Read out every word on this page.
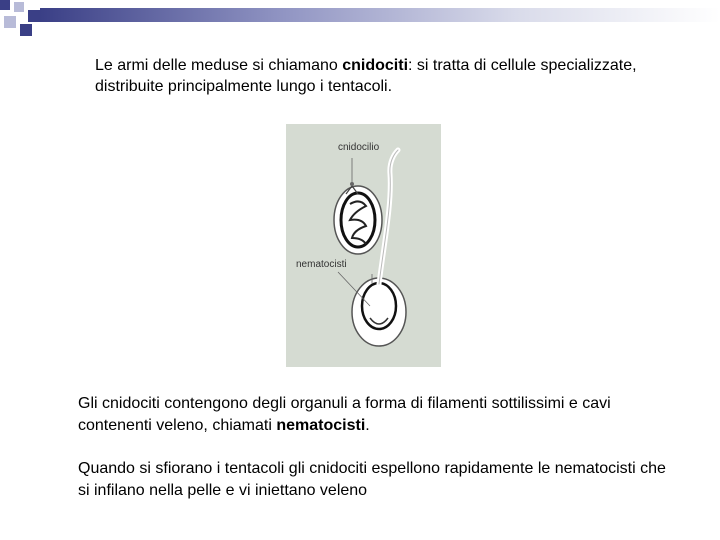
Le armi delle meduse si chiamano cnidociti: si tratta di cellule specializzate, distribuite principalmente lungo i tentacoli.

cnidocilio
nematocisti

Gli cnidociti contengono degli organuli a forma di filamenti sottilissimi e cavi contenenti veleno, chiamati nematocisti.

Quando si sfiorano i tentacoli gli cnidociti espellono rapidamente le nematocisti che si infilano nella pelle e vi iniettano veleno
